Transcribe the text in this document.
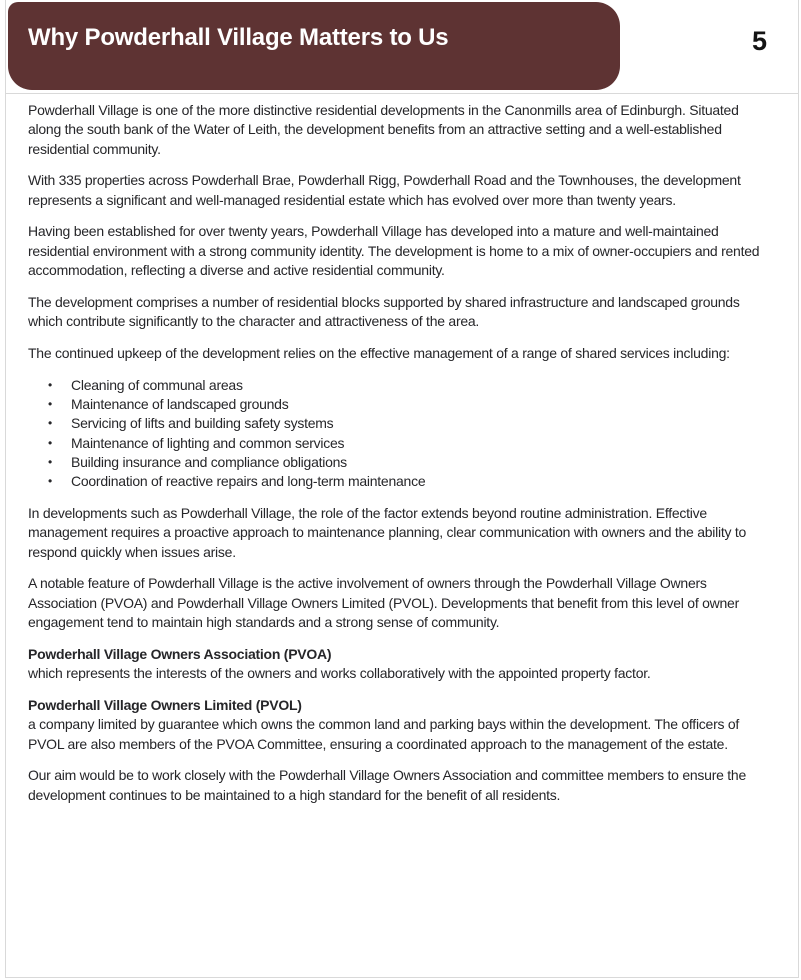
Why Powderhall Village Matters to Us	5

Powderhall Village is one of the more distinctive residential developments in the Canonmills area of Edinburgh. Situated along the south bank of the Water of Leith, the development benefits from an attractive setting and a well-established residential community.

With 335 properties across Powderhall Brae, Powderhall Rigg, Powderhall Road and the Townhouses, the development represents a significant and well-managed residential estate which has evolved over more than twenty years.

Having been established for over twenty years, Powderhall Village has developed into a mature and well-maintained residential environment with a strong community identity. The development is home to a mix of owner-occupiers and rented accommodation, reflecting a diverse and active residential community.

The development comprises a number of residential blocks supported by shared infrastructure and landscaped grounds which contribute significantly to the character and attractiveness of the area.

The continued upkeep of the development relies on the effective management of a range of shared services including:

• Cleaning of communal areas
• Maintenance of landscaped grounds
• Servicing of lifts and building safety systems
• Maintenance of lighting and common services
• Building insurance and compliance obligations
• Coordination of reactive repairs and long-term maintenance

In developments such as Powderhall Village, the role of the factor extends beyond routine administration. Effective management requires a proactive approach to maintenance planning, clear communication with owners and the ability to respond quickly when issues arise.

A notable feature of Powderhall Village is the active involvement of owners through the Powderhall Village Owners Association (PVOA) and Powderhall Village Owners Limited (PVOL). Developments that benefit from this level of owner engagement tend to maintain high standards and a strong sense of community.

Powderhall Village Owners Association (PVOA)
which represents the interests of the owners and works collaboratively with the appointed property factor.
Powderhall Village Owners Limited (PVOL)
a company limited by guarantee which owns the common land and parking bays within the development. The officers of PVOL are also members of the PVOA Committee, ensuring a coordinated approach to the management of the estate.

Our aim would be to work closely with the Powderhall Village Owners Association and committee members to ensure the development continues to be maintained to a high standard for the benefit of all residents.
